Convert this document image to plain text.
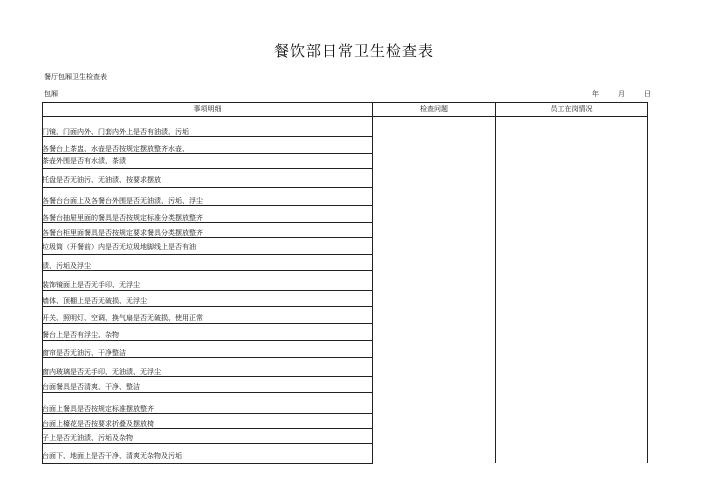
餐饮部日常卫生检查表
餐厅包厢卫生检查表
包厢	年	月	日
事项明细	检查问题	员工在岗情况
门镜、门面内外、门套内外上是否有油渍、污垢
各餐台上茶盅、水壶是否按规定摆放整齐水壶、
茶壶外围是否有水渍、茶渍
托盘是否无油污、无油渍、按要求摆放
各餐台台面上及各餐台外围是否无油渍、污垢、浮尘
各餐台抽屉里面的餐具是否按规定标准分类摆放整齐
各餐台柜里面餐具是否按规定要求餐具分类摆放整齐
垃圾筒（开餐前）内是否无垃圾地脚线上是否有油
渍、污垢及浮尘
装饰镜面上是否无手印、无浮尘
墙体、顶棚上是否无破损、无浮尘
开关、照明灯、空调、换气扇是否无破损、使用正常
餐台上是否有浮尘、杂物
窗帘是否无油污、干净整洁
窗内玻璃是否无手印、无油渍、无浮尘
台面餐具是否清爽、干净、整洁
台面上餐具是否按规定标准摆放整齐
台面上檯花是否按要求折叠及摆放椅
子上是否无油渍、污垢及杂物
台面下、地面上是否干净、清爽无杂物及污垢
